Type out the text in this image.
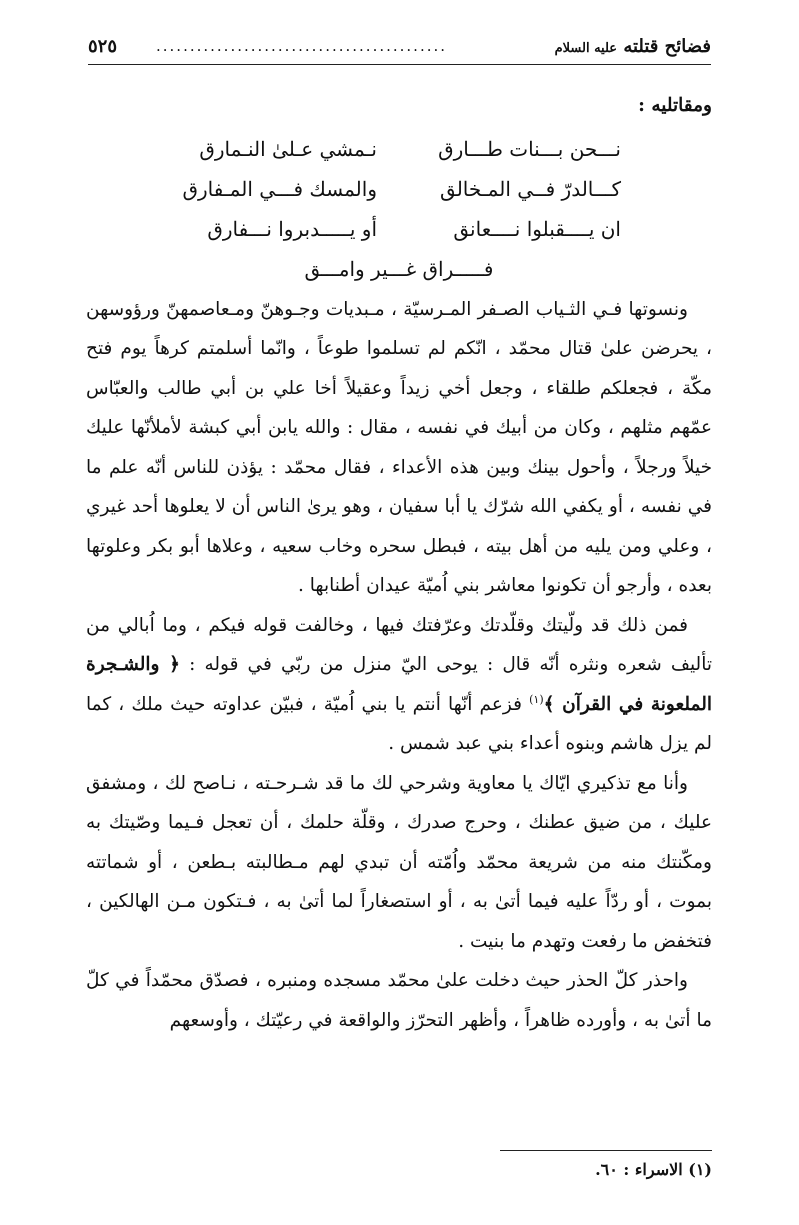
فضائح قتلته عليه السلام
...........................................
٥٢٥

ومقاتليه :

نـــحن بـــنات طـــارق
نـمشي عـلىٰ النـمارق
كـــالدرّ فــي المـخالق
والمسك فـــي المـفارق
ان يــــقبلوا نــــعانق
أو يـــــدبروا نـــفارق
فـــــراق غـــير وامـــق

ونسوتها فـي الثـياب الصـفر المـرسيّة ، مـبديات وجـوهنّ ومـعاصمهنّ ورؤوسهن ، يحرضن علىٰ قتال محمّد ، انّكم لم تسلموا طوعاً ، وانّما أسلمتم كرهاً يوم فتح مكّة ، فجعلكم طلقاء ، وجعل أخي زيداً وعقيلاً أخا علي بن أبي طالب والعبّاس عمّهم مثلهم ، وكان من أبيك في نفسه ، مقال : والله يابن أبي كبشة لأملأنّها عليك خيلاً ورجلاً ، وأحول بينك وبين هذه الأعداء ، فقال محمّد : يؤذن للناس أنّه علم ما في نفسه ، أو يكفي الله شرّك يا أبا سفيان ، وهو يرىٰ الناس أن لا يعلوها أحد غيري ، وعلي ومن يليه من أهل بيته ، فبطل سحره وخاب سعيه ، وعلاها أبو بكر وعلوتها بعده ، وأرجو أن تكونوا معاشر بني اُميّة عيدان أطنابها .

فمن ذلك قد ولّيتك وقلّدتك وعرّفتك فيها ، وخالفت قوله فيكم ، وما اُبالي من تأليف شعره ونثره أنّه قال : يوحى اليّ منزل من ربّي في قوله : ﴿ والشـجرة الملعونة في القرآن ﴾$^{(١)}$ فزعم أنّها أنتم يا بني اُميّة ، فبيّن عداوته حيث ملك ، كما لم يزل هاشم وبنوه أعداء بني عبد شمس .

وأنا مع تذكيري ايّاك يا معاوية وشرحي لك ما قد شـرحـته ، نـاصح لك ، ومشفق عليك ، من ضيق عطنك ، وحرج صدرك ، وقلّة حلمك ، أن تعجل فـيما وصّيتك به ومكّنتك منه من شريعة محمّد واُمّته أن تبدي لهم مـطالبته بـطعن ، أو شماتته بموت ، أو ردّاً عليه فيما أتىٰ به ، أو استصغاراً لما أتىٰ به ، فـتكون مـن الهالكين ، فتخفض ما رفعت وتهدم ما بنيت .

واحذر كلّ الحذر حيث دخلت علىٰ محمّد مسجده ومنبره ، فصدّق محمّداً في كلّ ما أتىٰ به ، وأورده ظاهراً ، وأظهر التحرّز والواقعة في رعيّتك ، وأوسعهم

(١) الاسراء : ٦٠.
